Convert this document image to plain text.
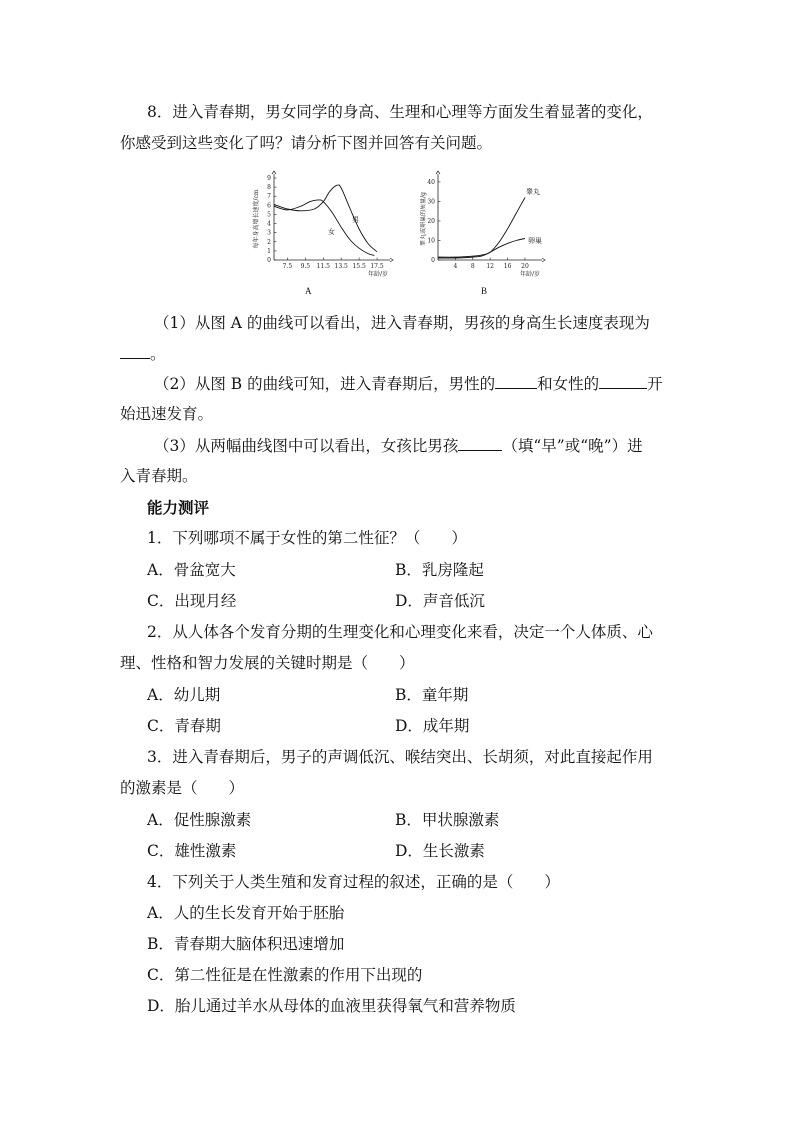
8．进入青春期，男女同学的身高、生理和心理等方面发生着显著的变化，
你感受到这些变化了吗？请分析下图并回答有关问题。
7.5 9.5 11.5 13.5 15.5 17.5
0
1
2
3
4
5
6
7
8
9
年龄/岁
每年身高增长速度/cm	男
女
A
4 8 12 16 20
0
10
20
30
40
年龄/岁
睾丸或卵巢的质量/g
睾丸
卵巢
B
（1）从图 A 的曲线可以看出，进入青春期，男孩的身高生长速度表现为
。
（2）从图 B 的曲线可知，进入青春期后，男性的	和女性的	开
始迅速发育。
（3）从两幅曲线图中可以看出，女孩比男孩	（填“早”或“晚”）进
入青春期。
能力测评
1．下列哪项不属于女性的第二性征？（　　）
A．骨盆宽大	B．乳房隆起
C．出现月经	D．声音低沉
2．从人体各个发育分期的生理变化和心理变化来看，决定一个人体质、心
理、性格和智力发展的关键时期是（　　）
A．幼儿期	B．童年期
C．青春期	D．成年期
3．进入青春期后，男子的声调低沉、喉结突出、长胡须，对此直接起作用
的激素是（　　）
A．促性腺激素	B．甲状腺激素
C．雄性激素	D．生长激素
4．下列关于人类生殖和发育过程的叙述，正确的是（　　）
A．人的生长发育开始于胚胎
B．青春期大脑体积迅速增加
C．第二性征是在性激素的作用下出现的
D．胎儿通过羊水从母体的血液里获得氧气和营养物质
